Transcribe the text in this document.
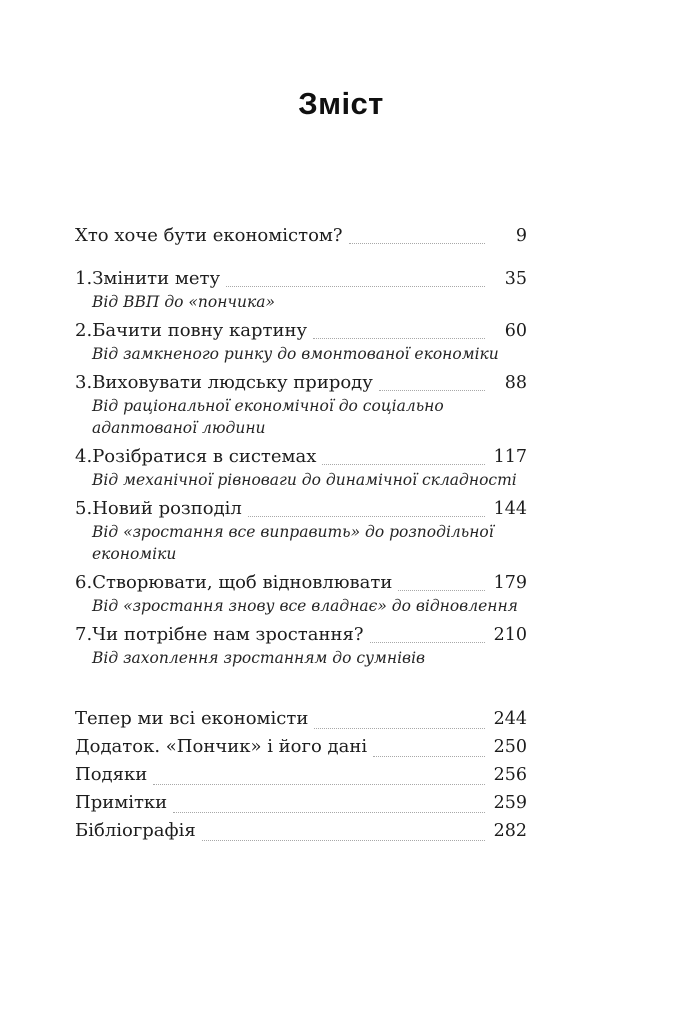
Зміст
Хто хоче бути економістом?	9
1. Змінити мету	35
Від ВВП до «пончика»
2. Бачити повну картину	60
Від замкненого ринку до вмонтованої економіки
3. Виховувати людську природу	88
Від раціональної економічної до соціально адаптованої людини
4. Розібратися в системах	117
Від механічної рівноваги до динамічної складності
5. Новий розподіл	144
Від «зростання все виправить» до розподільної економіки
6. Створювати, щоб відновлювати	179
Від «зростання знову все владнає» до відновлення
7. Чи потрібне нам зростання?	210
Від захоплення зростанням до сумнівів
Тепер ми всі економісти	244
Додаток. «Пончик» і його дані	250
Подяки	256
Примітки	259
Бібліографія	282
